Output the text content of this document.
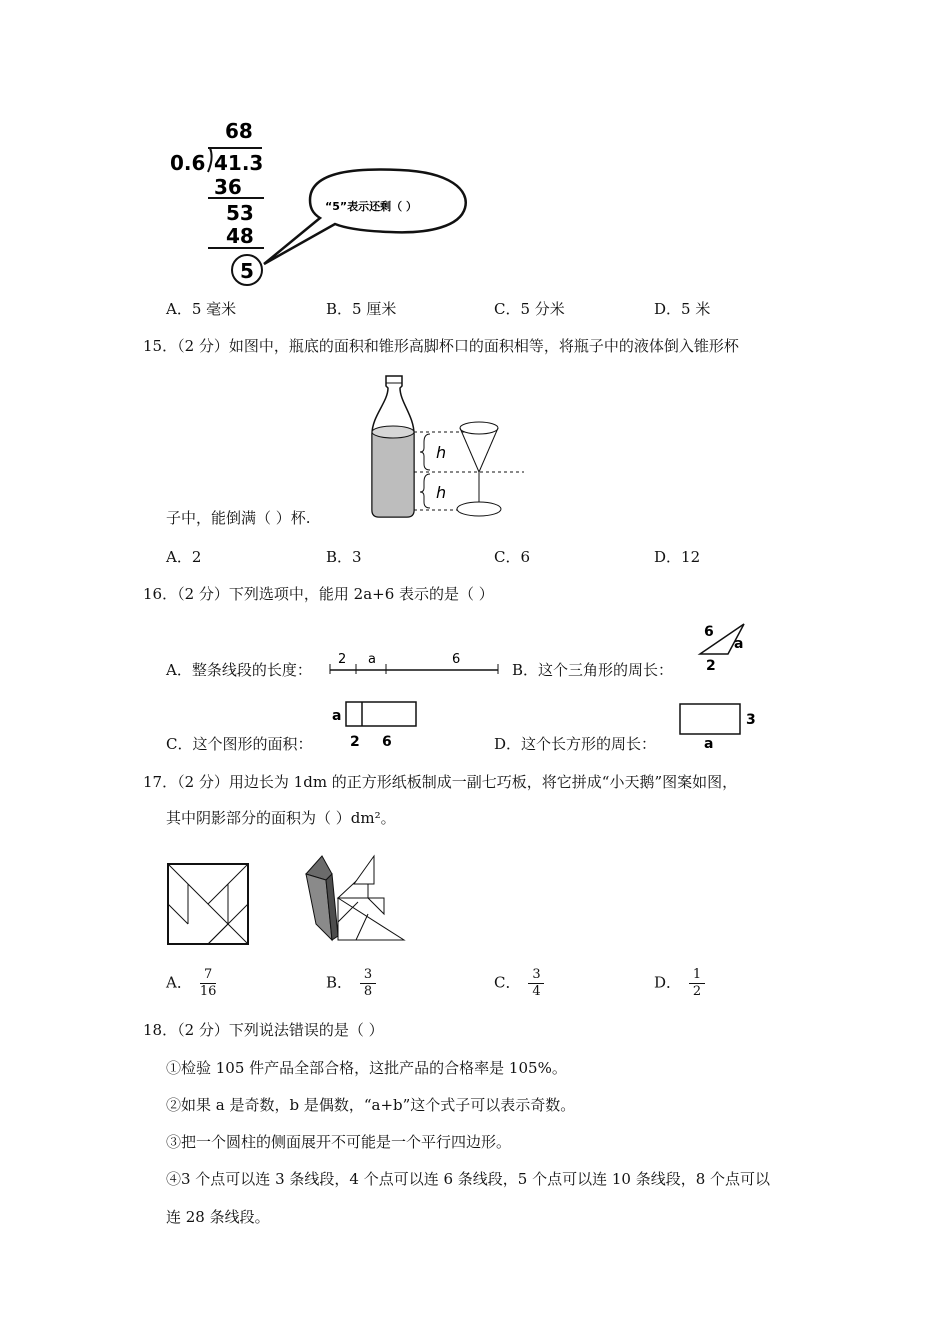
68
0.6 41.3
36
53
48
5
“5”表示还剩（ ）
A．5 毫米	B．5 厘米	C．5 分米	D．5 米
15．（2 分）如图中，瓶底的面积和锥形高脚杯口的面积相等，将瓶子中的液体倒入锥形杯
h
h
子中，能倒满（ ）杯.
A．2	B．3	C．6	D．12
16．（2 分）下列选项中，能用 2a+6 表示的是（ ）
A．整条线段的长度：
2 a	6
B．这个三角形的周长：
6
a
2
a
2 6
C．这个图形的面积：	D．这个长方形的周长：
3
a
17．（2 分）用边长为 1dm 的正方形纸板制成一副七巧板，将它拼成“小天鹅”图案如图，
其中阴影部分的面积为（ ）dm²。
A． $\frac{7}{16}$	B． $\frac{3}{8}$	C． $\frac{3}{4}$	D． $\frac{1}{2}$
18．（2 分）下列说法错误的是（ ）
①检验 105 件产品全部合格，这批产品的合格率是 105%。
②如果 a 是奇数，b 是偶数，“a+b”这个式子可以表示奇数。
③把一个圆柱的侧面展开不可能是一个平行四边形。
④3 个点可以连 3 条线段，4 个点可以连 6 条线段，5 个点可以连 10 条线段，8 个点可以
连 28 条线段。
